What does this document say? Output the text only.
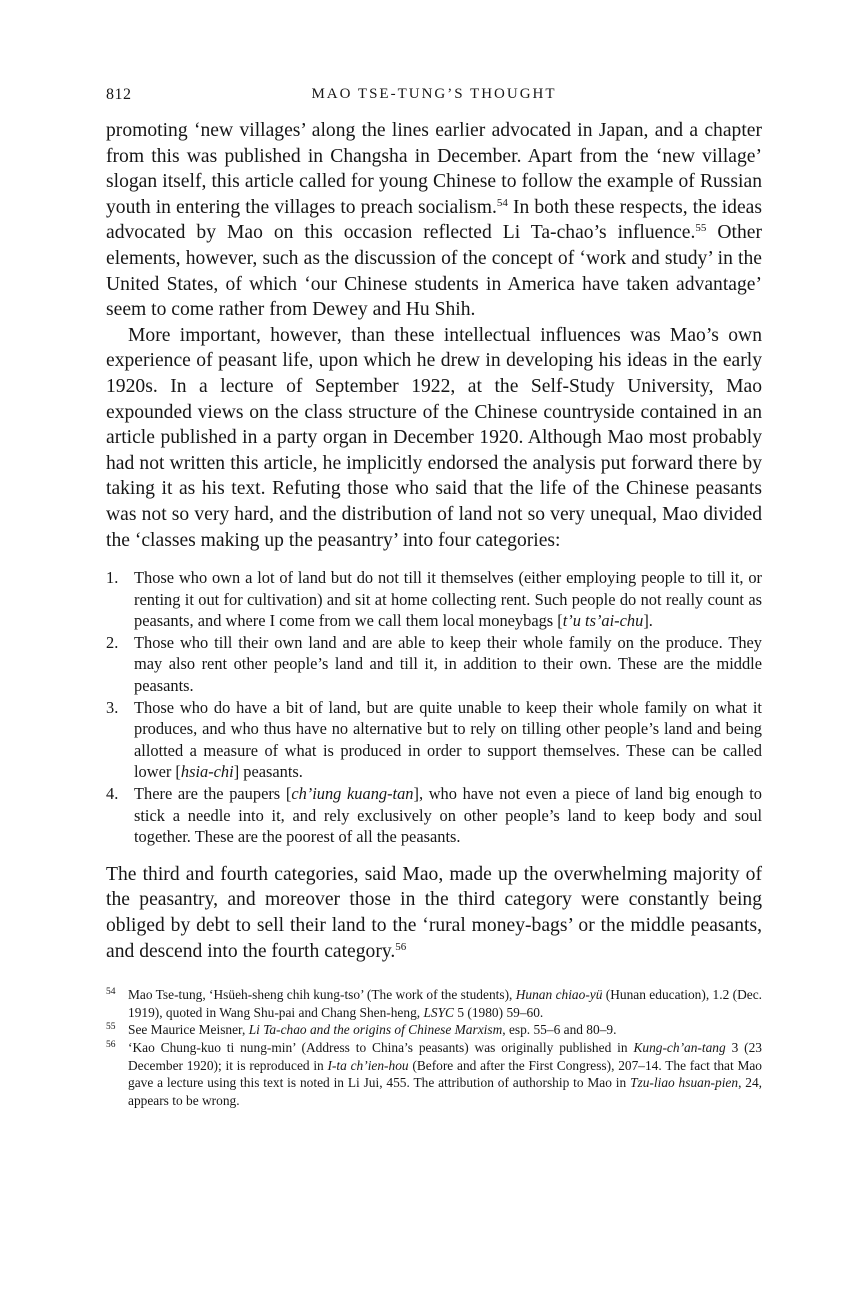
812	MAO TSE-TUNG’S THOUGHT

promoting ‘new villages’ along the lines earlier advocated in Japan, and a chapter from this was published in Changsha in December. Apart from the ‘new village’ slogan itself, this article called for young Chinese to follow the example of Russian youth in entering the villages to preach socialism.$^{54}$ In both these respects, the ideas advocated by Mao on this occasion reflected Li Ta-chao’s influence.$^{55}$ Other elements, however, such as the discussion of the concept of ‘work and study’ in the United States, of which ‘our Chinese students in America have taken advantage’ seem to come rather from Dewey and Hu Shih.

More important, however, than these intellectual influences was Mao’s own experience of peasant life, upon which he drew in developing his ideas in the early 1920s. In a lecture of September 1922, at the Self-Study University, Mao expounded views on the class structure of the Chinese countryside contained in an article published in a party organ in December 1920. Although Mao most probably had not written this article, he implicitly endorsed the analysis put forward there by taking it as his text. Refuting those who said that the life of the Chinese peasants was not so very hard, and the distribution of land not so very unequal, Mao divided the ‘classes making up the peasantry’ into four categories:

1. Those who own a lot of land but do not till it themselves (either employing people to till it, or renting it out for cultivation) and sit at home collecting rent. Such people do not really count as peasants, and where I come from we call them local moneybags [t’u ts’ai-chu].
2. Those who till their own land and are able to keep their whole family on the produce. They may also rent other people’s land and till it, in addition to their own. These are the middle peasants.
3. Those who do have a bit of land, but are quite unable to keep their whole family on what it produces, and who thus have no alternative but to rely on tilling other people’s land and being allotted a measure of what is produced in order to support themselves. These can be called lower [hsia-chi] peasants.
4. There are the paupers [ch’iung kuang-tan], who have not even a piece of land big enough to stick a needle into it, and rely exclusively on other people’s land to keep body and soul together. These are the poorest of all the peasants.

The third and fourth categories, said Mao, made up the overwhelming majority of the peasantry, and moreover those in the third category were constantly being obliged by debt to sell their land to the ‘rural money-bags’ or the middle peasants, and descend into the fourth category.$^{56}$

54 Mao Tse-tung, ‘Hsüeh-sheng chih kung-tso’ (The work of the students), Hunan chiao-yü (Hunan education), 1.2 (Dec. 1919), quoted in Wang Shu-pai and Chang Shen-heng, LSYC 5 (1980) 59–60.

55 See Maurice Meisner, Li Ta-chao and the origins of Chinese Marxism, esp. 55–6 and 80–9.

56 ‘Kao Chung-kuo ti nung-min’ (Address to China’s peasants) was originally published in Kung-ch’an-tang 3 (23 December 1920); it is reproduced in I-ta ch’ien-hou (Before and after the First Congress), 207–14. The fact that Mao gave a lecture using this text is noted in Li Jui, 455. The attribution of authorship to Mao in Tzu-liao hsuan-pien, 24, appears to be wrong.
